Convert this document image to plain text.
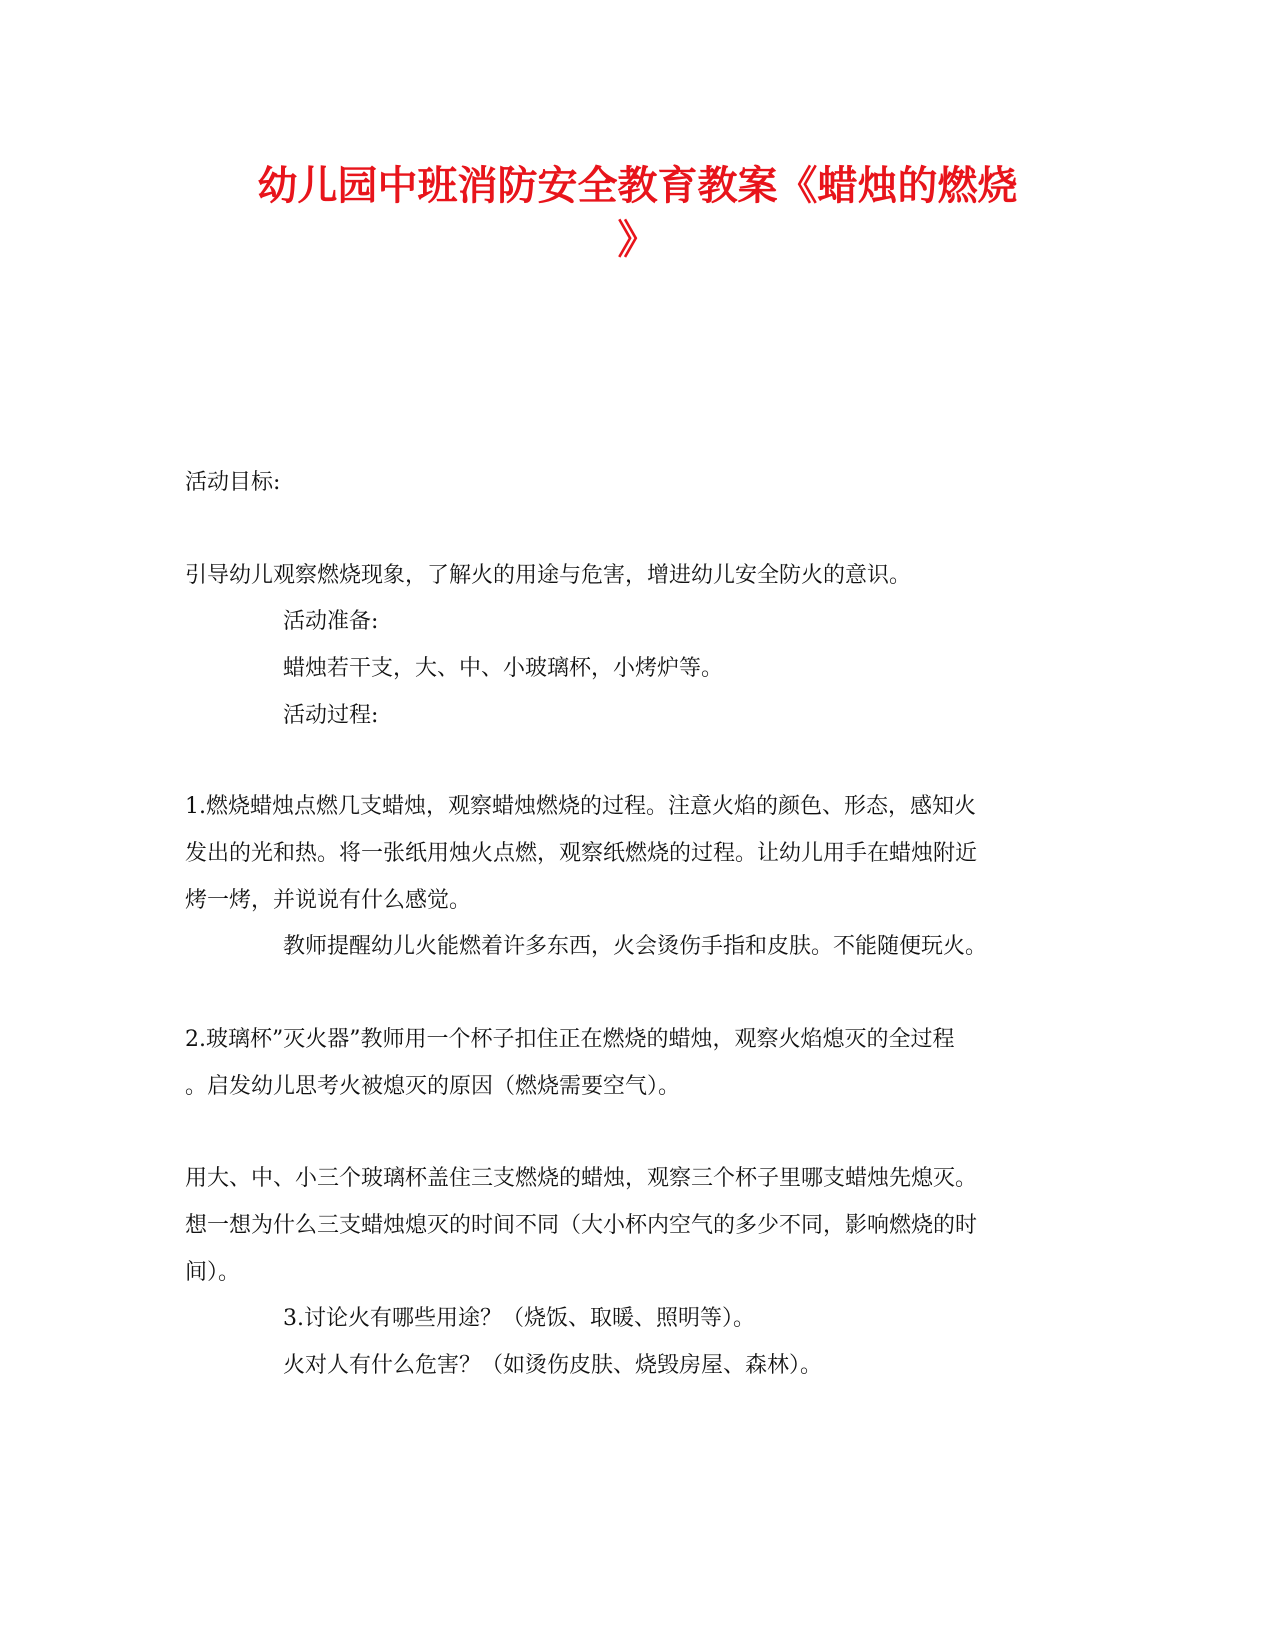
幼儿园中班消防安全教育教案《蜡烛的燃烧
》
活动目标:
引导幼儿观察燃烧现象，了解火的用途与危害，增进幼儿安全防火的意识。
活动准备:
蜡烛若干支，大、中、小玻璃杯，小烤炉等。
活动过程:
1.燃烧蜡烛点燃几支蜡烛，观察蜡烛燃烧的过程。注意火焰的颜色、形态，感知火
发出的光和热。将一张纸用烛火点燃，观察纸燃烧的过程。让幼儿用手在蜡烛附近
烤一烤，并说说有什么感觉。
教师提醒幼儿火能燃着许多东西，火会烫伤手指和皮肤。不能随便玩火。
2.玻璃杯”灭火器”教师用一个杯子扣住正在燃烧的蜡烛，观察火焰熄灭的全过程
。启发幼儿思考火被熄灭的原因（燃烧需要空气）。
用大、中、小三个玻璃杯盖住三支燃烧的蜡烛，观察三个杯子里哪支蜡烛先熄灭。
想一想为什么三支蜡烛熄灭的时间不同（大小杯内空气的多少不同，影响燃烧的时
间）。
3.讨论火有哪些用途？（烧饭、取暖、照明等）。
火对人有什么危害？（如烫伤皮肤、烧毁房屋、森林）。
